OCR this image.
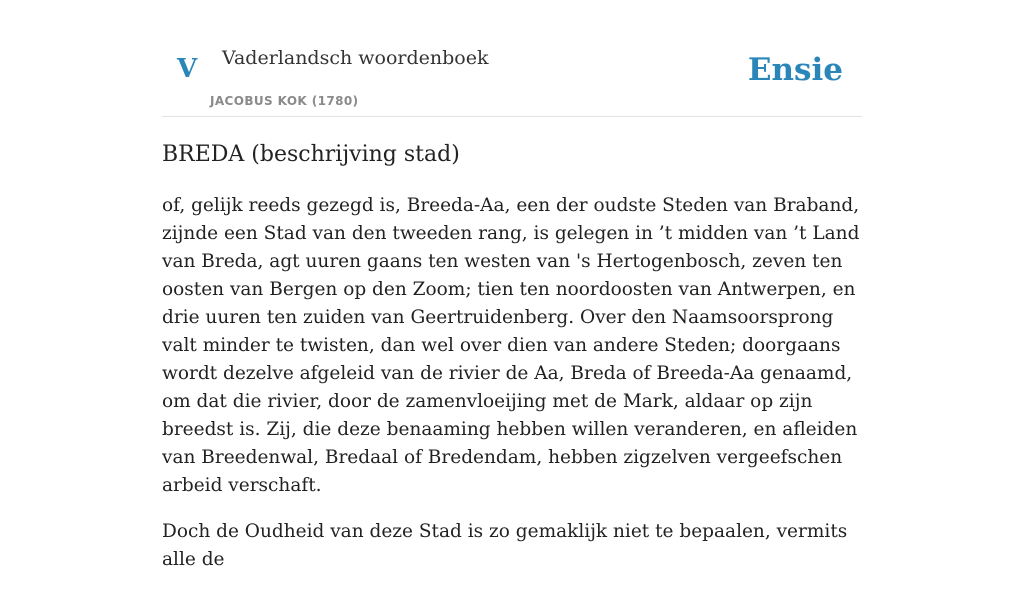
V Vaderlandsch woordenboek
JACOBUS KOK (1780)
Ensie
BREDA (beschrijving stad)

of, gelijk reeds gezegd is, Breeda-Aa, een der oudste Steden van Braband, zijnde een Stad van den tweeden rang, is gelegen in ’t midden van ’t Land van Breda, agt uuren gaans ten westen van 's Hertogenbosch, zeven ten oosten van Bergen op den Zoom; tien ten noordoosten van Antwerpen, en drie uuren ten zuiden van Geertruidenberg. Over den Naamsoorsprong valt minder te twisten, dan wel over dien van andere Steden; doorgaans wordt dezelve afgeleid van de rivier de Aa, Breda of Breeda-Aa genaamd, om dat die rivier, door de zamenvloeijing met de Mark, aldaar op zijn breedst is. Zij, die deze benaaming hebben willen veranderen, en afleiden van Breedenwal, Bredaal of Bredendam, hebben zigzelven vergeefschen arbeid verschaft.

Doch de Oudheid van deze Stad is zo gemaklijk niet te bepaalen, vermits alle de
